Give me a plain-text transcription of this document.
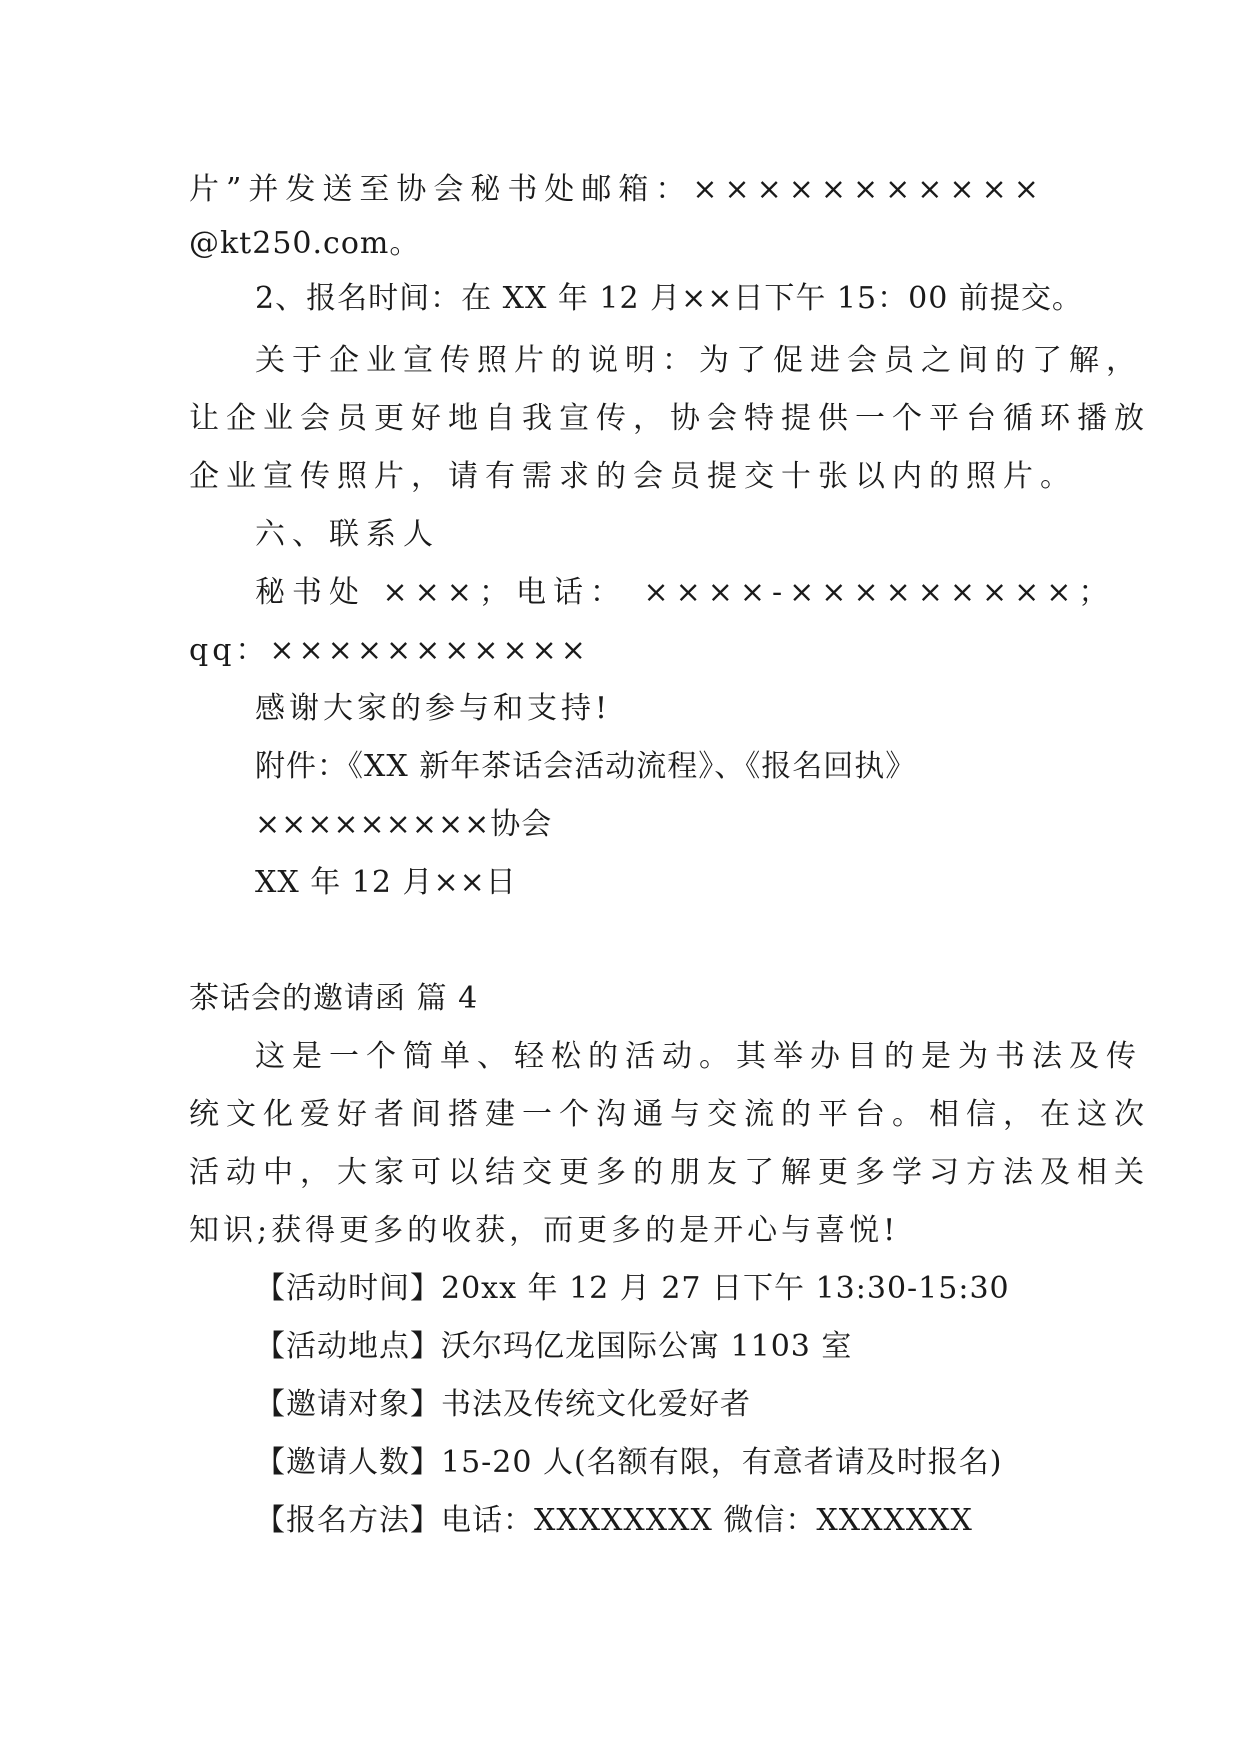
片”并发送至协会秘书处邮箱：×××××××××××
@kt250.com。
2、报名时间：在 XX 年 12 月××日下午 15：00 前提交。
关于企业宣传照片的说明：为了促进会员之间的了解，
让企业会员更好地自我宣传，协会特提供一个平台循环播放
企业宣传照片，请有需求的会员提交十张以内的照片。
六、联系人
秘书处 ×××；电话： ××××-×××××××××；
qq：×××××××××××
感谢大家的参与和支持!
附件：《XX 新年茶话会活动流程》、《报名回执》
×××××××××协会
XX 年 12 月××日
茶话会的邀请函 篇 4
这是一个简单、轻松的活动。其举办目的是为书法及传
统文化爱好者间搭建一个沟通与交流的平台。相信，在这次
活动中，大家可以结交更多的朋友了解更多学习方法及相关
知识;获得更多的收获，而更多的是开心与喜悦!
【活动时间】20xx 年 12 月 27 日下午 13:30-15:30
【活动地点】沃尔玛亿龙国际公寓 1103 室
【邀请对象】书法及传统文化爱好者
【邀请人数】15-20 人(名额有限，有意者请及时报名)
【报名方法】电话：XXXXXXXX 微信：XXXXXXX
